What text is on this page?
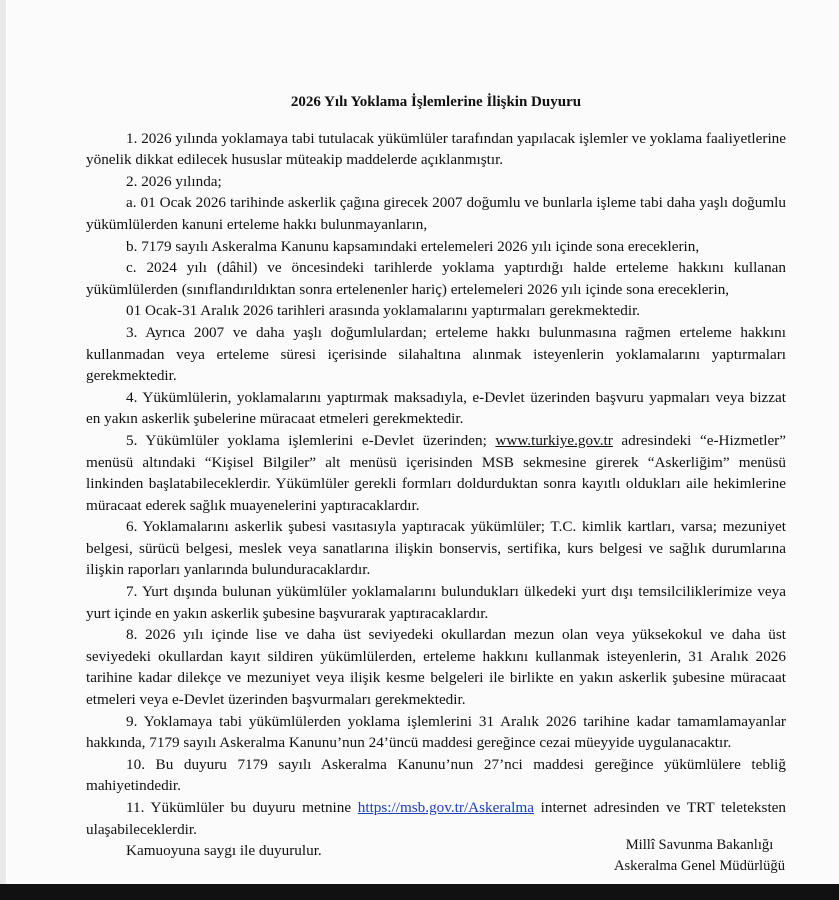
2026 Yılı Yoklama İşlemlerine İlişkin Duyuru

1. 2026 yılında yoklamaya tabi tutulacak yükümlüler tarafından yapılacak işlemler ve yoklama faaliyetlerine yönelik dikkat edilecek hususlar müteakip maddelerde açıklanmıştır.

2. 2026 yılında;

a. 01 Ocak 2026 tarihinde askerlik çağına girecek 2007 doğumlu ve bunlarla işleme tabi daha yaşlı doğumlu yükümlülerden kanuni erteleme hakkı bulunmayanların,

b. 7179 sayılı Askeralma Kanunu kapsamındaki ertelemeleri 2026 yılı içinde sona ereceklerin,

c. 2024 yılı (dâhil) ve öncesindeki tarihlerde yoklama yaptırdığı halde erteleme hakkını kullanan yükümlülerden (sınıflandırıldıktan sonra ertelenenler hariç) ertelemeleri 2026 yılı içinde sona ereceklerin,

01 Ocak-31 Aralık 2026 tarihleri arasında yoklamalarını yaptırmaları gerekmektedir.

3. Ayrıca 2007 ve daha yaşlı doğumlulardan; erteleme hakkı bulunmasına rağmen erteleme hakkını kullanmadan veya erteleme süresi içerisinde silahaltına alınmak isteyenlerin yoklamalarını yaptırmaları gerekmektedir.

4. Yükümlülerin, yoklamalarını yaptırmak maksadıyla, e-Devlet üzerinden başvuru yapmaları veya bizzat en yakın askerlik şubelerine müracaat etmeleri gerekmektedir.

5. Yükümlüler yoklama işlemlerini e-Devlet üzerinden; www.turkiye.gov.tr adresindeki “e-Hizmetler” menüsü altındaki “Kişisel Bilgiler” alt menüsü içerisinden MSB sekmesine girerek “Askerliğim” menüsü linkinden başlatabileceklerdir. Yükümlüler gerekli formları doldurduktan sonra kayıtlı oldukları aile hekimlerine müracaat ederek sağlık muayenelerini yaptıracaklardır.

6. Yoklamalarını askerlik şubesi vasıtasıyla yaptıracak yükümlüler; T.C. kimlik kartları, varsa; mezuniyet belgesi, sürücü belgesi, meslek veya sanatlarına ilişkin bonservis, sertifika, kurs belgesi ve sağlık durumlarına ilişkin raporları yanlarında bulunduracaklardır.

7. Yurt dışında bulunan yükümlüler yoklamalarını bulundukları ülkedeki yurt dışı temsilciliklerimize veya yurt içinde en yakın askerlik şubesine başvurarak yaptıracaklardır.

8. 2026 yılı içinde lise ve daha üst seviyedeki okullardan mezun olan veya yüksekokul ve daha üst seviyedeki okullardan kayıt sildiren yükümlülerden, erteleme hakkını kullanmak isteyenlerin, 31 Aralık 2026 tarihine kadar dilekçe ve mezuniyet veya ilişik kesme belgeleri ile birlikte en yakın askerlik şubesine müracaat etmeleri veya e-Devlet üzerinden başvurmaları gerekmektedir.

9. Yoklamaya tabi yükümlülerden yoklama işlemlerini 31 Aralık 2026 tarihine kadar tamamlamayanlar hakkında, 7179 sayılı Askeralma Kanunu’nun 24’üncü maddesi gereğince cezai müeyyide uygulanacaktır.

10. Bu duyuru 7179 sayılı Askeralma Kanunu’nun 27’nci maddesi gereğince yükümlülere tebliğ mahiyetindedir.

11. Yükümlüler bu duyuru metnine https://msb.gov.tr/Askeralma internet adresinden ve TRT teleteksten ulaşabileceklerdir.

Kamuoyuna saygı ile duyurulur.	Millî Savunma Bakanlığı
Askeralma Genel Müdürlüğü
